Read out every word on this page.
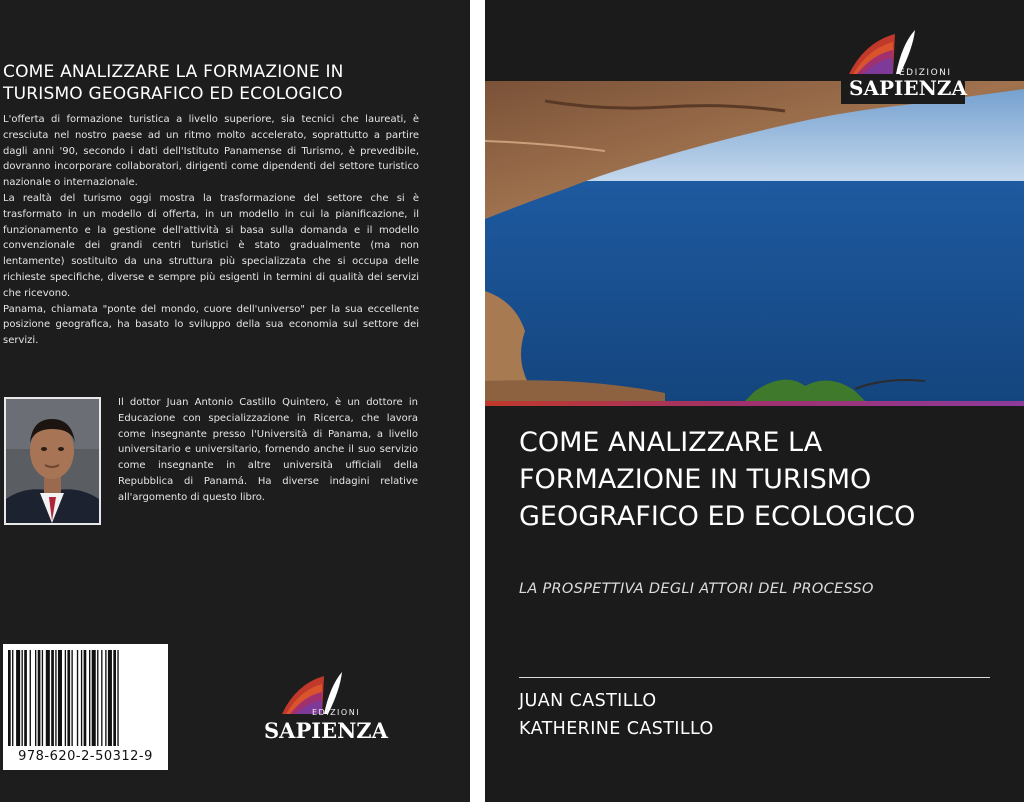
COME ANALIZZARE LA FORMAZIONE IN TURISMO GEOGRAFICO ED ECOLOGICO

L'offerta di formazione turistica a livello superiore, sia tecnici che laureati, è cresciuta nel nostro paese ad un ritmo molto accelerato, soprattutto a partire dagli anni '90, secondo i dati dell'Istituto Panamense di Turismo, è prevedibile, dovranno incorporare collaboratori, dirigenti come dipendenti del settore turistico nazionale o internazionale.

La realtà del turismo oggi mostra la trasformazione del settore che si è trasformato in un modello di offerta, in un modello in cui la pianificazione, il funzionamento e la gestione dell'attività si basa sulla domanda e il modello convenzionale dei grandi centri turistici è stato gradualmente (ma non lentamente) sostituito da una struttura più specializzata che si occupa delle richieste specifiche, diverse e sempre più esigenti in termini di qualità dei servizi che ricevono.

Panama, chiamata "ponte del mondo, cuore dell'universo" per la sua eccellente posizione geografica, ha basato lo sviluppo della sua economia sul settore dei servizi.

Il dottor Juan Antonio Castillo Quintero, è un dottore in Educazione con specializzazione in Ricerca, che lavora come insegnante presso l'Università di Panama, a livello universitario e universitario, fornendo anche il suo servizio come insegnante in altre università ufficiali della Repubblica di Panamá. Ha diverse indagini relative all'argomento di questo libro.

978-620-2-50312-9
EDIZIONI
SAPIENZA
EDIZIONI
SAPIENZA
COME ANALIZZARE LA FORMAZIONE IN TURISMO GEOGRAFICO ED ECOLOGICO
LA PROSPETTIVA DEGLI ATTORI DEL PROCESSO
JUAN CASTILLO
KATHERINE CASTILLO
